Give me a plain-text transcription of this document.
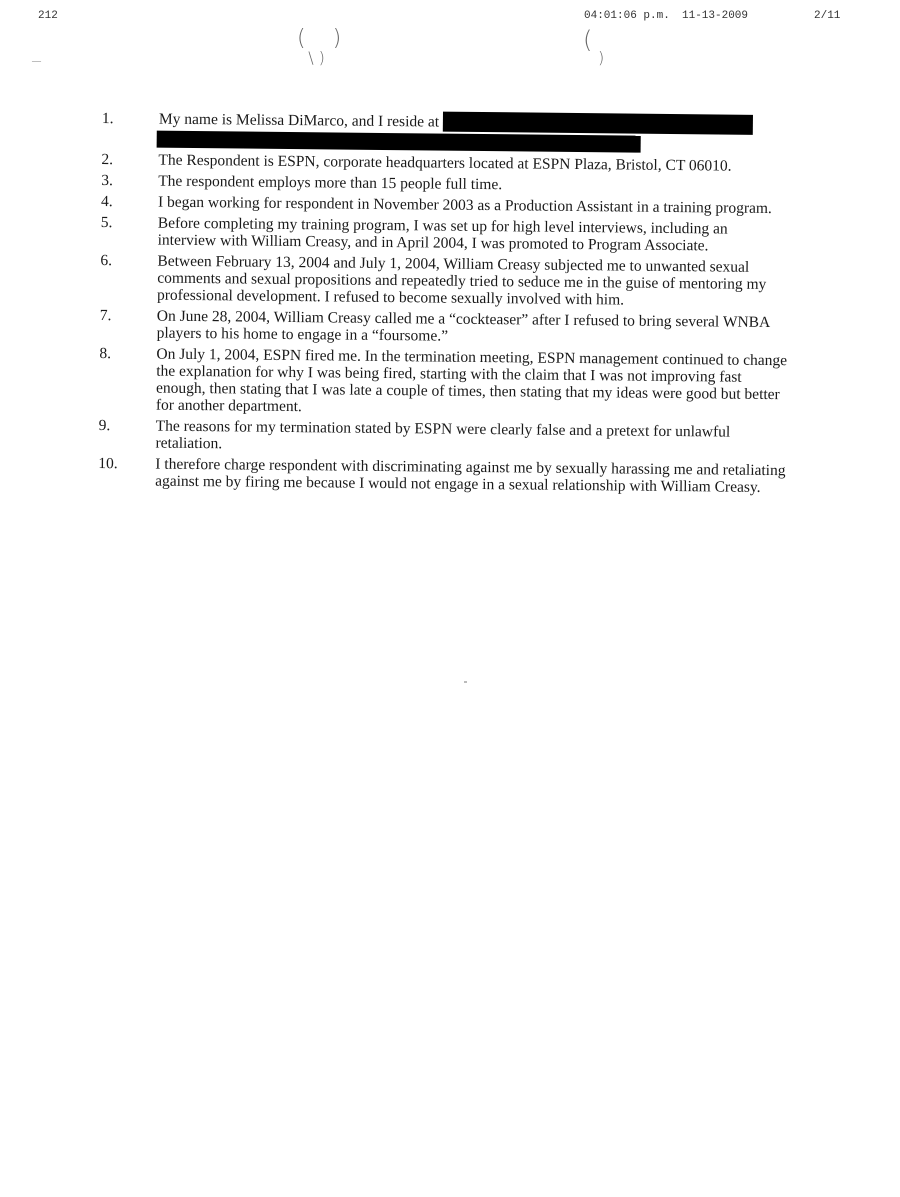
212	04:01:06 p.m. 11-13-2009	2/11
—
( )
 \ )
(  
)
1.	My name is Melissa DiMarco, and I reside at
2.	The Respondent is ESPN, corporate headquarters located at ESPN Plaza, Bristol, CT 06010.
3.	The respondent employs more than 15 people full time.
4.	I began working for respondent in November 2003 as a Production Assistant in a training program.
5.	Before completing my training program, I was set up for high level interviews, including an interview with William Creasy, and in April 2004, I was promoted to Program Associate.
6.	Between February 13, 2004 and July 1, 2004, William Creasy subjected me to unwanted sexual comments and sexual propositions and repeatedly tried to seduce me in the guise of mentoring my professional development. I refused to become sexually involved with him.
7.	On June 28, 2004, William Creasy called me a “cockteaser” after I refused to bring several WNBA players to his home to engage in a “foursome.”
8.	On July 1, 2004, ESPN fired me. In the termination meeting, ESPN management continued to change the explanation for why I was being fired, starting with the claim that I was not improving fast enough, then stating that I was late a couple of times, then stating that my ideas were good but better for another department.
9.	The reasons for my termination stated by ESPN were clearly false and a pretext for unlawful retaliation.
10.	I therefore charge respondent with discriminating against me by sexually harassing me and retaliating against me by firing me because I would not engage in a sexual relationship with William Creasy.
